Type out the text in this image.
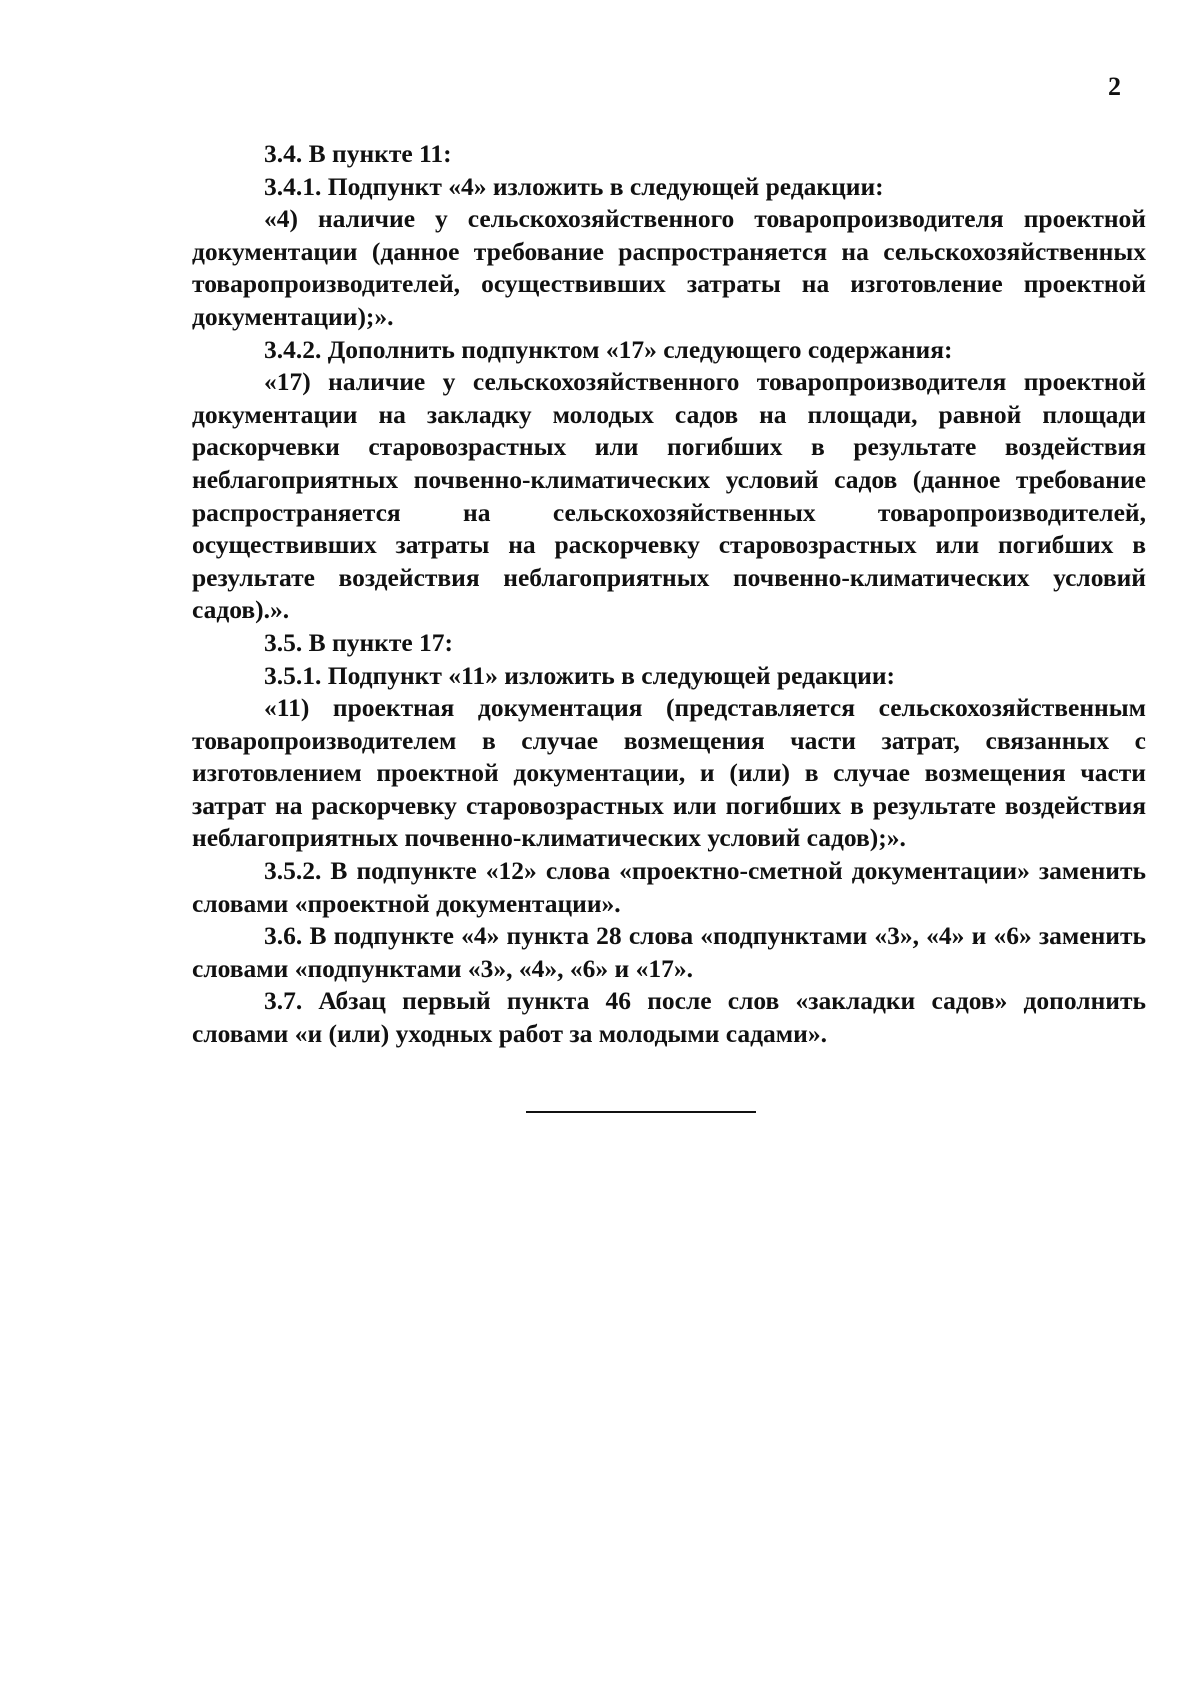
2

3.4. В пункте 11:

3.4.1. Подпункт «4» изложить в следующей редакции:

«4) наличие у сельскохозяйственного товаропроизводителя проектной документации (данное требование распространяется на сельскохозяйственных товаропроизводителей, осуществивших затраты на изготовление проектной документации);».

3.4.2. Дополнить подпунктом «17» следующего содержания:

«17) наличие у сельскохозяйственного товаропроизводителя проектной документации на закладку молодых садов на площади, равной площади раскорчевки старовозрастных или погибших в результате воздействия неблагоприятных почвенно-климатических условий садов (данное требование распространяется на сельскохозяйственных товаропроизводителей, осуществивших затраты на раскорчевку старовозрастных или погибших в результате воздействия неблагоприятных почвенно-климатических условий садов).».

3.5. В пункте 17:

3.5.1. Подпункт «11» изложить в следующей редакции:

«11) проектная документация (представляется сельскохозяйственным товаропроизводителем в случае возмещения части затрат, связанных с изготовлением проектной документации, и (или) в случае возмещения части затрат на раскорчевку старовозрастных или погибших в результате воздействия неблагоприятных почвенно-климатических условий садов);».

3.5.2. В подпункте «12» слова «проектно-сметной документации» заменить словами «проектной документации».

3.6. В подпункте «4» пункта 28 слова «подпунктами «3», «4» и «6» заменить словами «подпунктами «3», «4», «6» и «17».

3.7. Абзац первый пункта 46 после слов «закладки садов» дополнить словами «и (или) уходных работ за молодыми садами».
